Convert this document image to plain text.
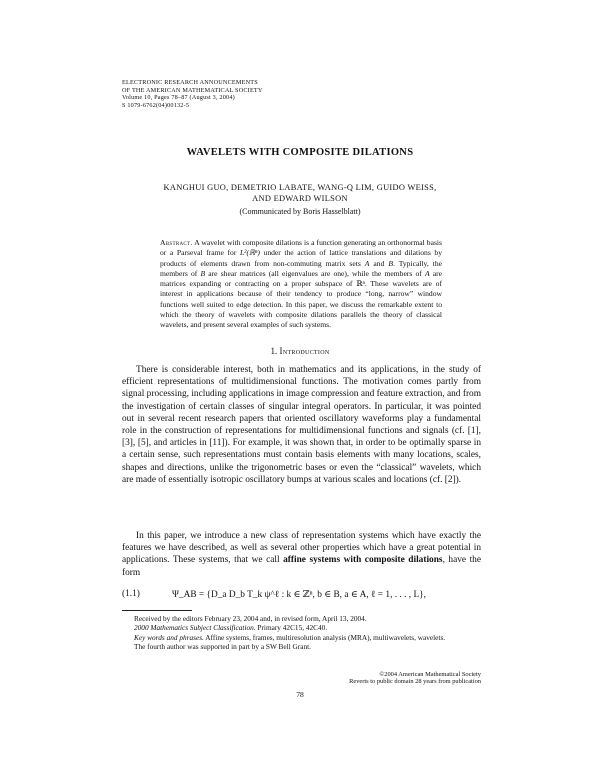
ELECTRONIC RESEARCH ANNOUNCEMENTS
OF THE AMERICAN MATHEMATICAL SOCIETY
Volume 10, Pages 78–87 (August 3, 2004)
S 1079-6762(04)00132-5
WAVELETS WITH COMPOSITE DILATIONS
KANGHUI GUO, DEMETRIO LABATE, WANG-Q LIM, GUIDO WEISS,
AND EDWARD WILSON
(Communicated by Boris Hasselblatt)
Abstract. A wavelet with composite dilations is a function generating an orthonormal basis or a Parseval frame for L²(ℝⁿ) under the action of lattice translations and dilations by products of elements drawn from non-commuting matrix sets A and B. Typically, the members of B are shear matrices (all eigenvalues are one), while the members of A are matrices expanding or contracting on a proper subspace of ℝⁿ. These wavelets are of interest in applications because of their tendency to produce “long, narrow” window functions well suited to edge detection. In this paper, we discuss the remarkable extent to which the theory of wavelets with composite dilations parallels the theory of classical wavelets, and present several examples of such systems.
1. Introduction
There is considerable interest, both in mathematics and its applications, in the study of efficient representations of multidimensional functions. The motivation comes partly from signal processing, including applications in image compression and feature extraction, and from the investigation of certain classes of singular integral operators. In particular, it was pointed out in several recent research papers that oriented oscillatory waveforms play a fundamental role in the construction of representations for multidimensional functions and signals (cf. [1], [3], [5], and articles in [11]). For example, it was shown that, in order to be optimally sparse in a certain sense, such representations must contain basis elements with many locations, scales, shapes and directions, unlike the trigonometric bases or even the “classical” wavelets, which are made of essentially isotropic oscillatory bumps at various scales and locations (cf. [2]).
In this paper, we introduce a new class of representation systems which have exactly the features we have described, as well as several other properties which have a great potential in applications. These systems, that we call affine systems with composite dilations, have the form
(1.1)	Ψ_AB = {D_a D_b T_k ψ^ℓ : k ∈ ℤⁿ, b ∈ B, a ∈ A, ℓ = 1, . . . , L},

Received by the editors February 23, 2004 and, in revised form, April 13, 2004.

2000 Mathematics Subject Classification. Primary 42C15, 42C40.

Key words and phrases. Affine systems, frames, multiresolution analysis (MRA), multiwavelets, wavelets.

The fourth author was supported in part by a SW Bell Grant.

©2004 American Mathematical Society
Reverts to public domain 28 years from publication
78
